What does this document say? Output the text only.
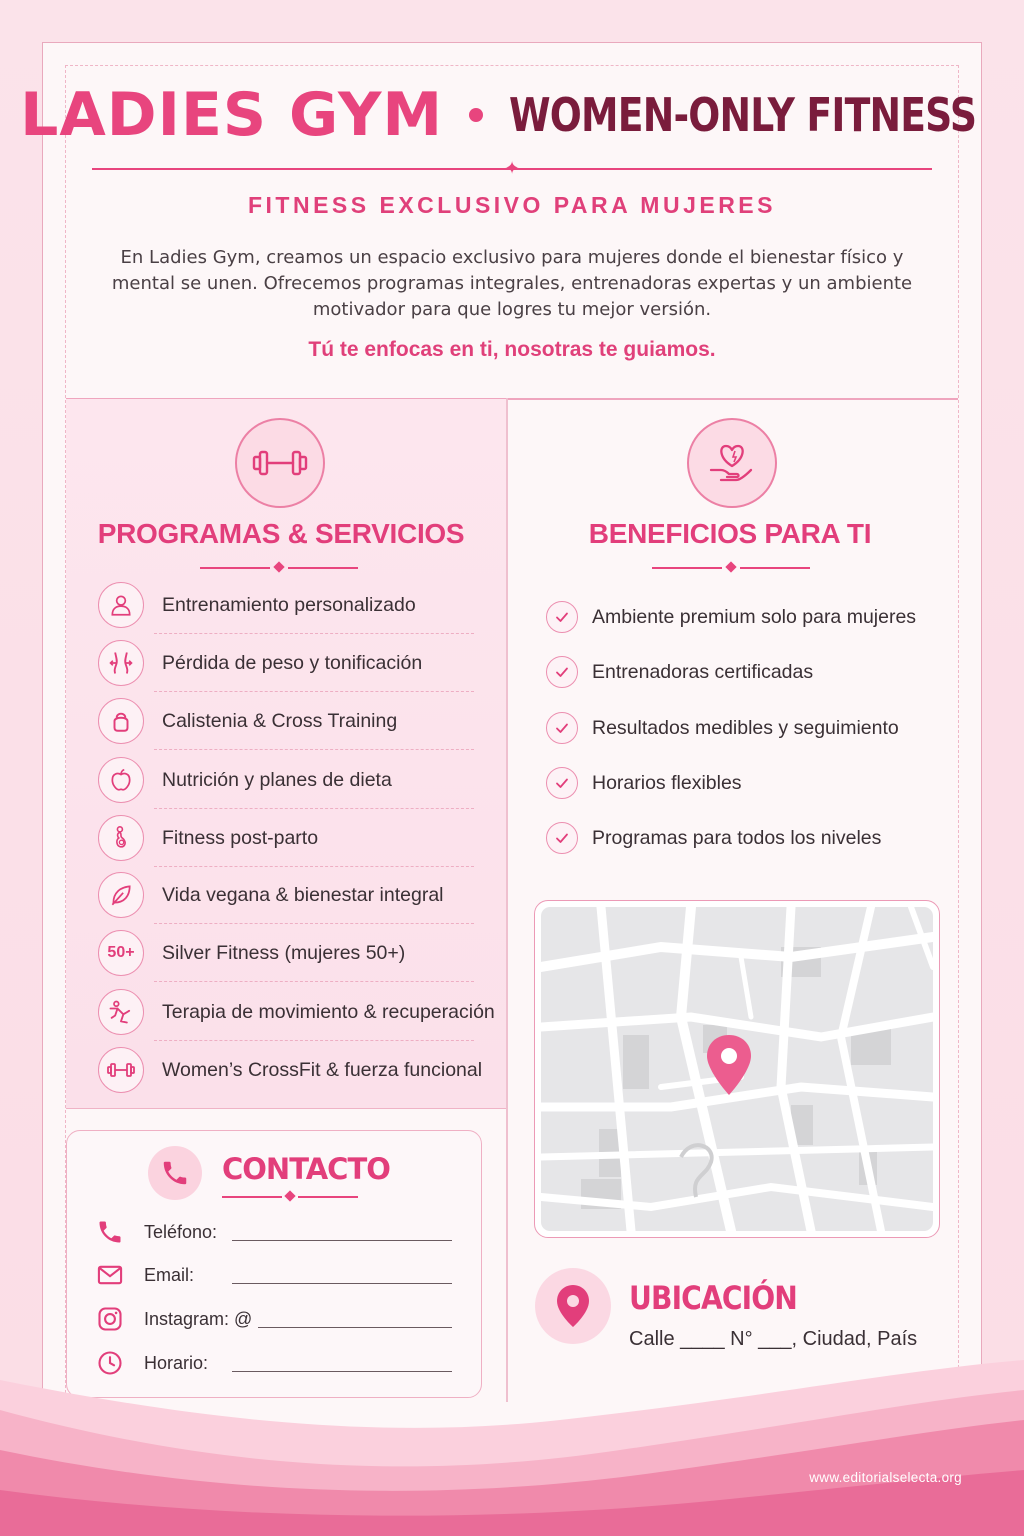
LADIES GYM WOMEN-ONLY FITNESS
✦
FITNESS EXCLUSIVO PARA MUJERES
En Ladies Gym, creamos un espacio exclusivo para mujeres donde el bienestar físico y mental se unen. Ofrecemos programas integrales, entrenadoras expertas y un ambiente motivador para que logres tu mejor versión.
Tú te enfocas en ti, nosotras te guiamos.
PROGRAMAS & SERVICIOS
Entrenamiento personalizado
Pérdida de peso y tonificación
Calistenia & Cross Training
Nutrición y planes de dieta
Fitness post-parto
Vida vegana & bienestar integral
50+	Silver Fitness (mujeres 50+)
Terapia de movimiento & recuperación
Women’s CrossFit & fuerza funcional
BENEFICIOS PARA TI
Ambiente premium solo para mujeres
Entrenadoras certificadas
Resultados medibles y seguimiento
Horarios flexibles
Programas para todos los niveles
CONTACTO
Teléfono:
Email:
Instagram: @
Horario:
UBICACIÓN
Calle ____ N° ___, Ciudad, País
www.editorialselecta.org
